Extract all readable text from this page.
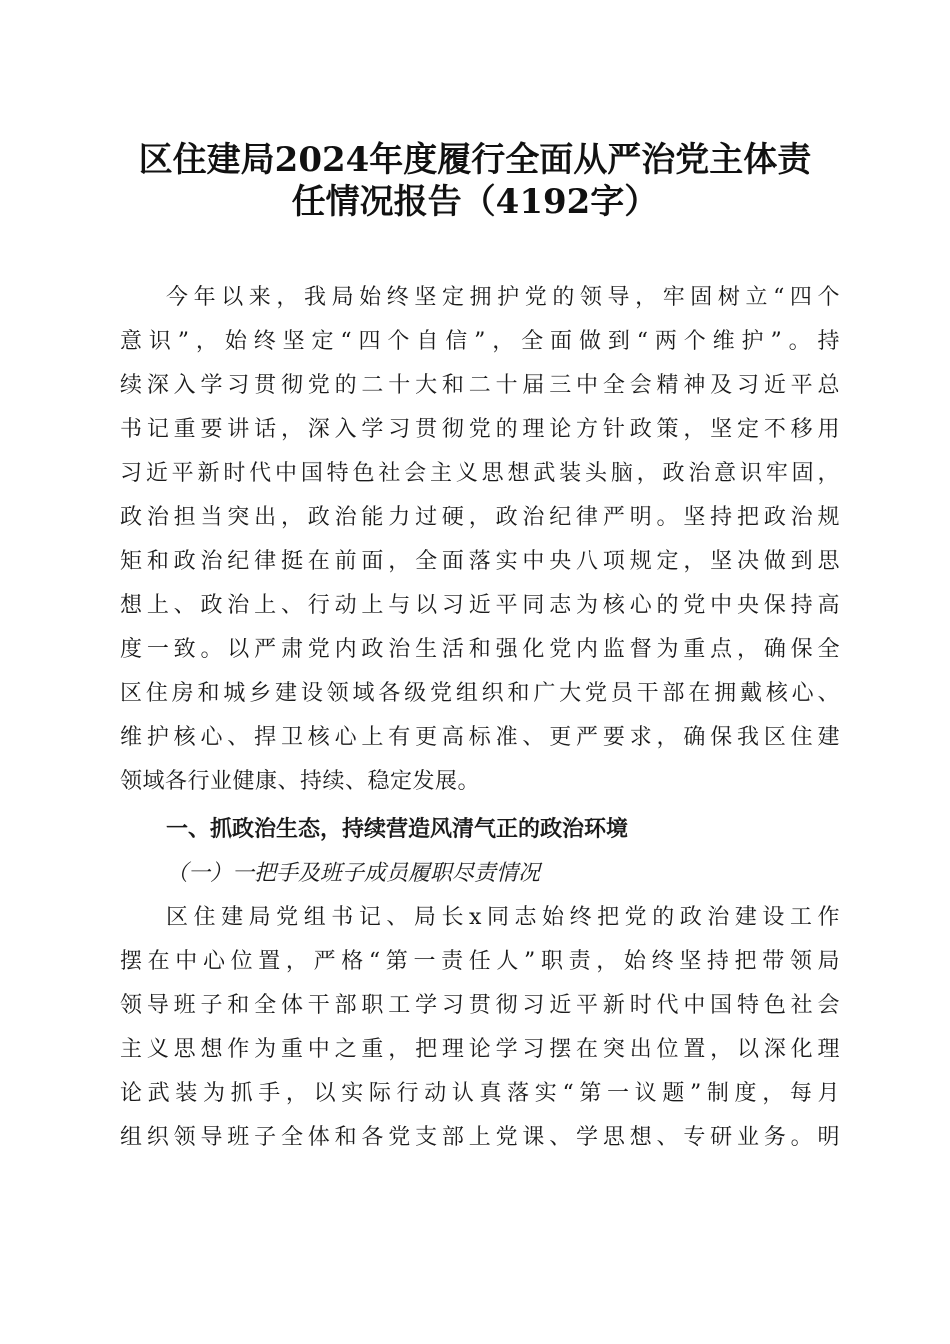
区住建局2024年度履行全面从严治党主体责
任情况报告（4192字）
今年以来，我局始终坚定拥护党的领导，牢固树立“四个
意识”，始终坚定“四个自信”，全面做到“两个维护”。持
续深入学习贯彻党的二十大和二十届三中全会精神及习近平总
书记重要讲话，深入学习贯彻党的理论方针政策，坚定不移用
习近平新时代中国特色社会主义思想武装头脑，政治意识牢固，
政治担当突出，政治能力过硬，政治纪律严明。坚持把政治规
矩和政治纪律挺在前面，全面落实中央八项规定，坚决做到思
想上、政治上、行动上与以习近平同志为核心的党中央保持高
度一致。以严肃党内政治生活和强化党内监督为重点，确保全
区住房和城乡建设领域各级党组织和广大党员干部在拥戴核心、
维护核心、捍卫核心上有更高标准、更严要求，确保我区住建
领域各行业健康、持续、稳定发展。
一、抓政治生态，持续营造风清气正的政治环境
（一）一把手及班子成员履职尽责情况
区住建局党组书记、局长x同志始终把党的政治建设工作
摆在中心位置，严格“第一责任人”职责，始终坚持把带领局
领导班子和全体干部职工学习贯彻习近平新时代中国特色社会
主义思想作为重中之重，把理论学习摆在突出位置，以深化理
论武装为抓手，以实际行动认真落实“第一议题”制度，每月
组织领导班子全体和各党支部上党课、学思想、专研业务。明
